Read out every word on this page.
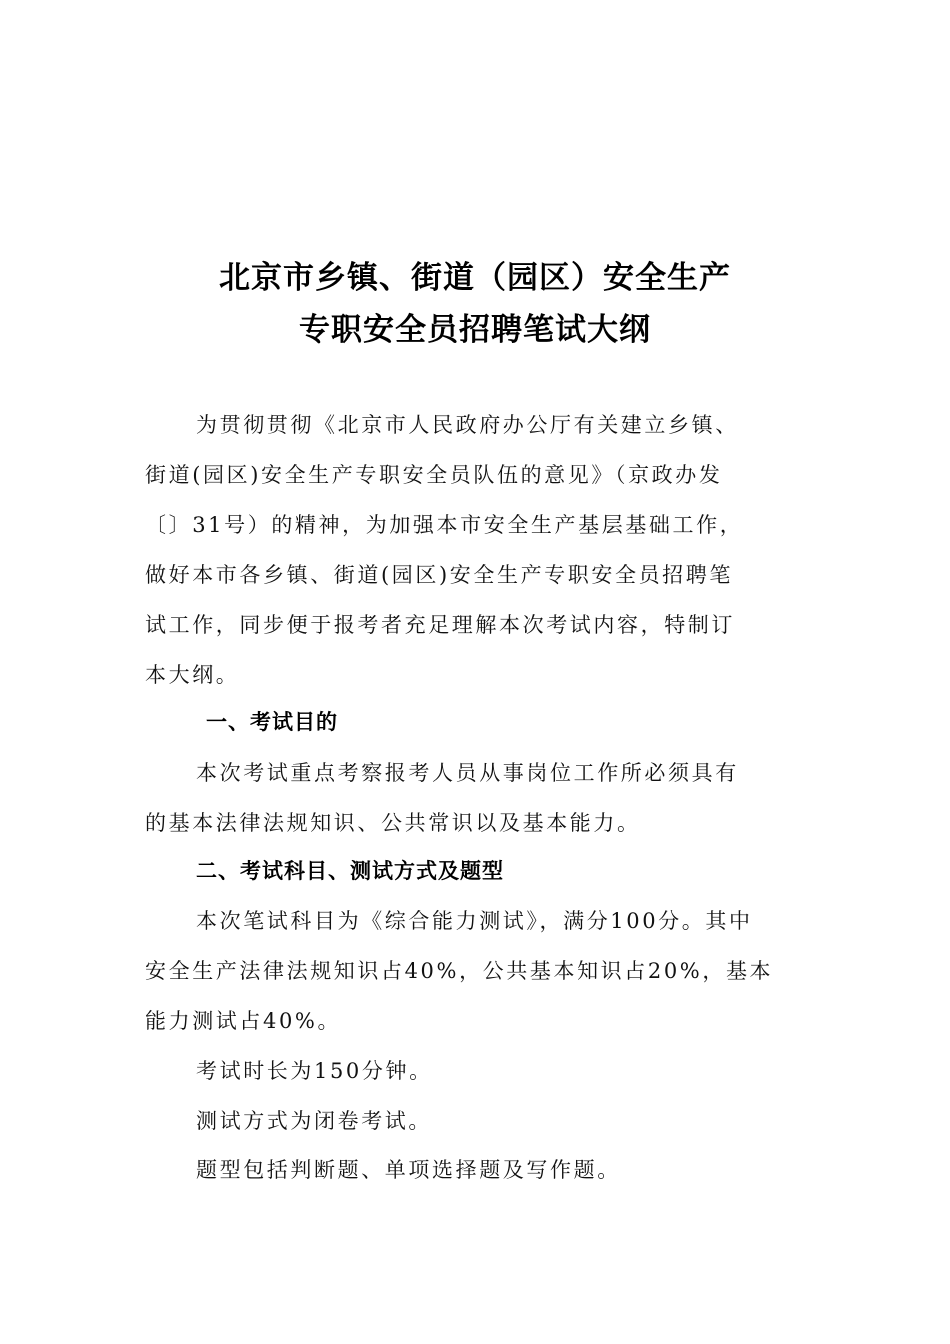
北京市乡镇、街道（园区）安全生产
专职安全员招聘笔试大纲
为贯彻贯彻《北京市人民政府办公厅有关建立乡镇、
街道(园区)安全生产专职安全员队伍的意见》（京政办发
〔〕31号）的精神，为加强本市安全生产基层基础工作，
做好本市各乡镇、街道(园区)安全生产专职安全员招聘笔
试工作，同步便于报考者充足理解本次考试内容，特制订
本大纲。
一、考试目的
本次考试重点考察报考人员从事岗位工作所必须具有
的基本法律法规知识、公共常识以及基本能力。
二、考试科目、测试方式及题型
本次笔试科目为《综合能力测试》，满分100分。其中
安全生产法律法规知识占40%，公共基本知识占20%，基本
能力测试占40%。
考试时长为150分钟。
测试方式为闭卷考试。
题型包括判断题、单项选择题及写作题。
